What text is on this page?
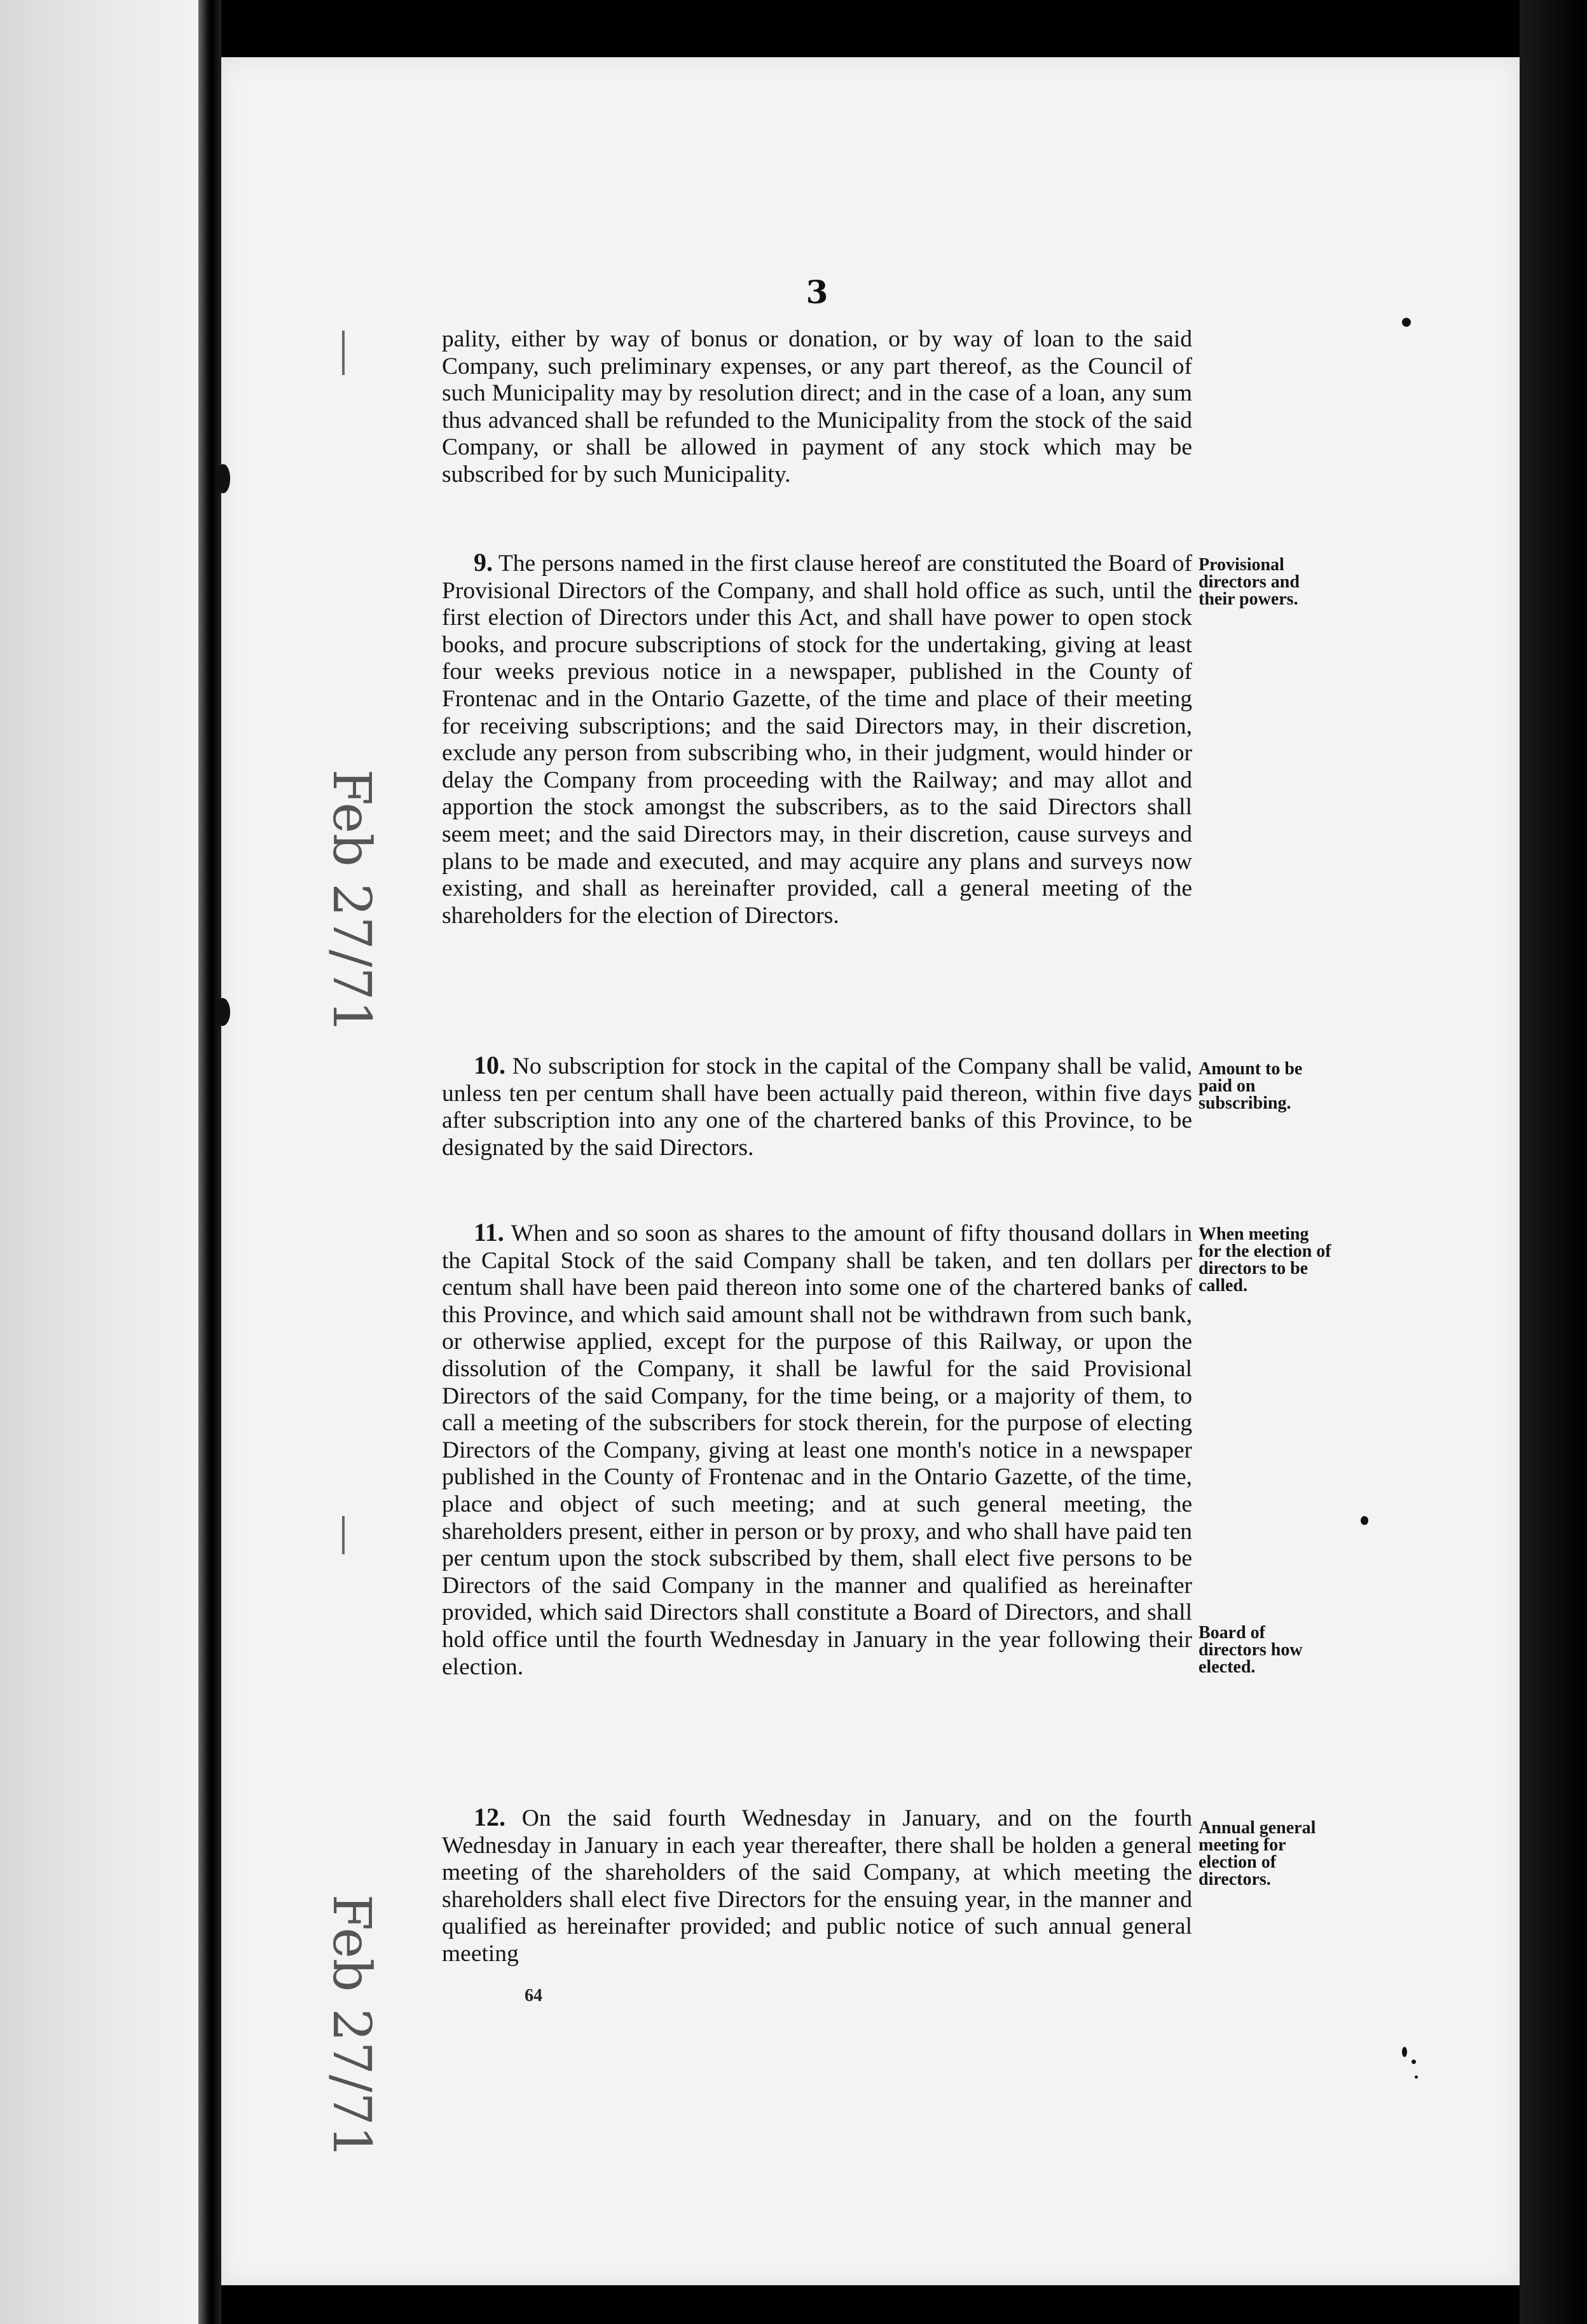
3

pality, either by way of bonus or donation, or by way of loan to the said Company, such preliminary expenses, or any part thereof, as the Council of such Municipality may by resolution direct; and in the case of a loan, any sum thus advanced shall be refunded to the Municipality from the stock of the said Company, or shall be allowed in payment of any stock which may be subscribed for by such Municipality.

9. The persons named in the first clause hereof are constituted the Board of Provisional Directors of the Company, and shall hold office as such, until the first election of Directors under this Act, and shall have power to open stock books, and procure subscriptions of stock for the undertaking, giving at least four weeks previous notice in a newspaper, published in the County of Frontenac and in the Ontario Gazette, of the time and place of their meeting for receiving subscriptions; and the said Directors may, in their discretion, exclude any person from subscribing who, in their judgment, would hinder or delay the Company from proceeding with the Railway; and may allot and apportion the stock amongst the subscribers, as to the said Directors shall seem meet; and the said Directors may, in their discretion, cause surveys and plans to be made and executed, and may acquire any plans and surveys now existing, and shall as hereinafter provided, call a general meeting of the shareholders for the election of Directors.

10. No subscription for stock in the capital of the Company shall be valid, unless ten per centum shall have been actually paid thereon, within five days after subscription into any one of the chartered banks of this Province, to be designated by the said Directors.

11. When and so soon as shares to the amount of fifty thousand dollars in the Capital Stock of the said Company shall be taken, and ten dollars per centum shall have been paid thereon into some one of the chartered banks of this Province, and which said amount shall not be withdrawn from such bank, or otherwise applied, except for the purpose of this Railway, or upon the dissolution of the Company, it shall be lawful for the said Provisional Directors of the said Company, for the time being, or a majority of them, to call a meeting of the subscribers for stock therein, for the purpose of electing Directors of the Company, giving at least one month's notice in a newspaper published in the County of Frontenac and in the Ontario Gazette, of the time, place and object of such meeting; and at such general meeting, the shareholders present, either in person or by proxy, and who shall have paid ten per centum upon the stock subscribed by them, shall elect five persons to be Directors of the said Company in the manner and qualified as hereinafter provided, which said Directors shall constitute a Board of Directors, and shall hold office until the fourth Wednesday in January in the year following their election.

12. On the said fourth Wednesday in January, and on the fourth Wednesday in January in each year thereafter, there shall be holden a general meeting of the shareholders of the said Company, at which meeting the shareholders shall elect five Directors for the ensuing year, in the manner and qualified as hereinafter provided; and public notice of such annual general meeting

Provisional directors and their powers.
Amount to be paid on subscribing.
When meeting for the election of directors to be called.
Board of directors how elected.
Annual general meeting for election of directors.
64
